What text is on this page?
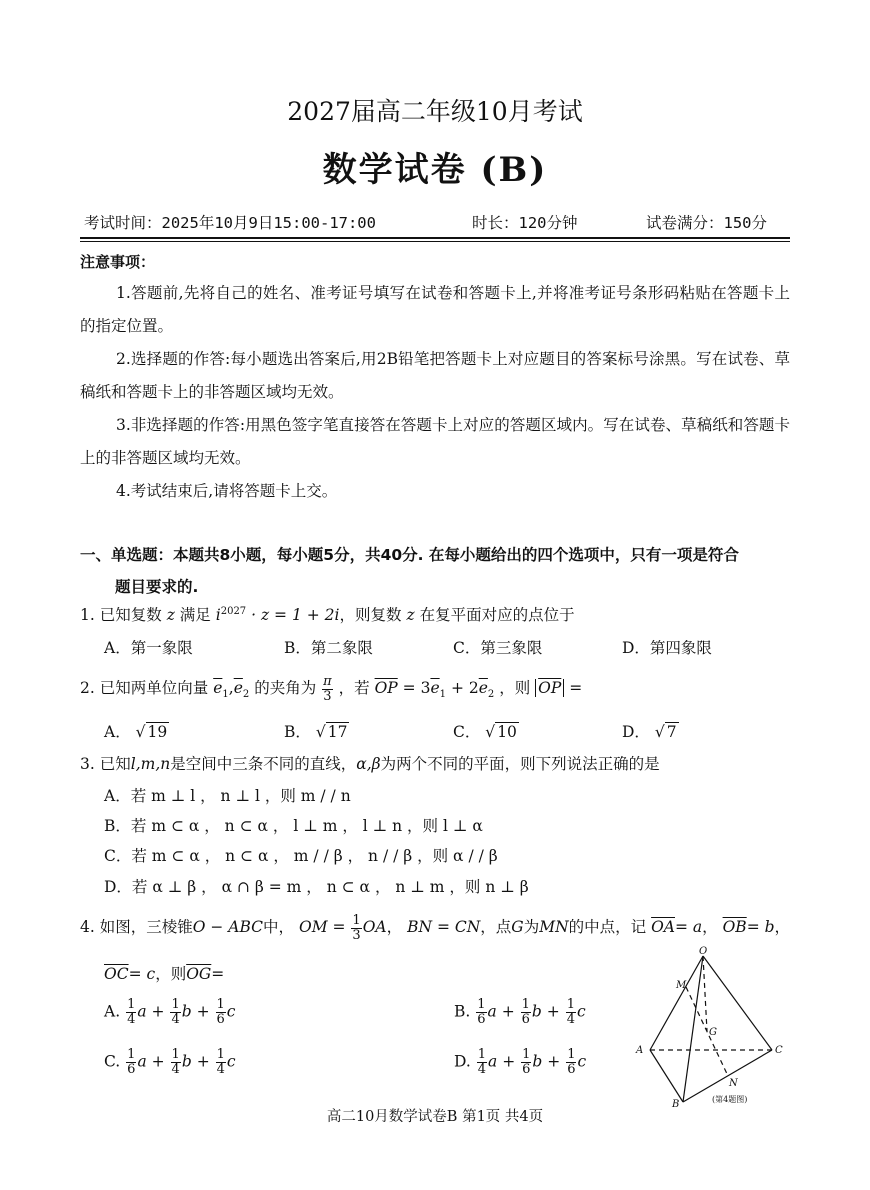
2027届高二年级10月考试
数学试卷 (B)
考试时间：2025年10月9日15:00-17:00	时长：120分钟	试卷满分：150分
注意事项：
1.答题前,先将自己的姓名、准考证号填写在试卷和答题卡上,并将准考证号条形码粘贴在答题卡上的指定位置。
2.选择题的作答:每小题选出答案后,用2B铅笔把答题卡上对应题目的答案标号涂黑。写在试卷、草稿纸和答题卡上的非答题区域均无效。
3.非选择题的作答:用黑色签字笔直接答在答题卡上对应的答题区域内。写在试卷、草稿纸和答题卡上的非答题区域均无效。
4.考试结束后,请将答题卡上交。
一、单选题：本题共8小题，每小题5分，共40分. 在每小题给出的四个选项中，只有一项是符合
题目要求的.
1. 已知复数 z 满足 $i^{2027} \cdot z = 1 + 2i$，则复数 z 在复平面对应的点位于
A．第一象限	B．第二象限	C．第三象限	D．第四象限
2. 已知两单位向量 $\overline{e}_1,\overline{e}_2$ 的夹角为 $\frac{\pi}{3}$ ，若 $\overline{OP} = 3\overline{e}_1 + 2\overline{e}_2$ ，则 $\overline{OP}$ =
A． √ 19	B． √ 17	C． √ 10	D． √ 7
3. 已知l,m,n是空间中三条不同的直线，α,β为两个不同的平面，则下列说法正确的是
A．若 m ⊥ l ， n ⊥ l ，则 m / / n
B．若 m ⊂ α ， n ⊂ α ， l ⊥ m ， l ⊥ n ，则 l ⊥ α
C．若 m ⊂ α ， n ⊂ α ， m / / β ， n / / β ，则 α / / β
D．若 α ⊥ β ， α ∩ β = m ， n ⊂ α ， n ⊥ m ，则 n ⊥ β
4. 如图，三棱锥O − ABC中， OM = $\frac{1}{3}$ OA， BN = CN，点G为MN的中点，记 $\overline{OA}= a$， $\overline{OB}= b$，
$\overline{OC}= c$，则$\overline{OG}=$
A. $\frac{1}{4}$ $a + \frac{1}{4}$ $b + \frac{1}{6}$ c	B. $\frac{1}{6}$ $a + \frac{1}{6}$ $b + \frac{1}{4}$ c
C. $\frac{1}{6}$ $a + \frac{1}{4}$ $b + \frac{1}{4}$ c	D. $\frac{1}{4}$ $a + \frac{1}{6}$ $b + \frac{1}{6}$ c
O
M
G
A	C
N
B	(第4题图)
高二10月数学试卷B 第1页 共4页
